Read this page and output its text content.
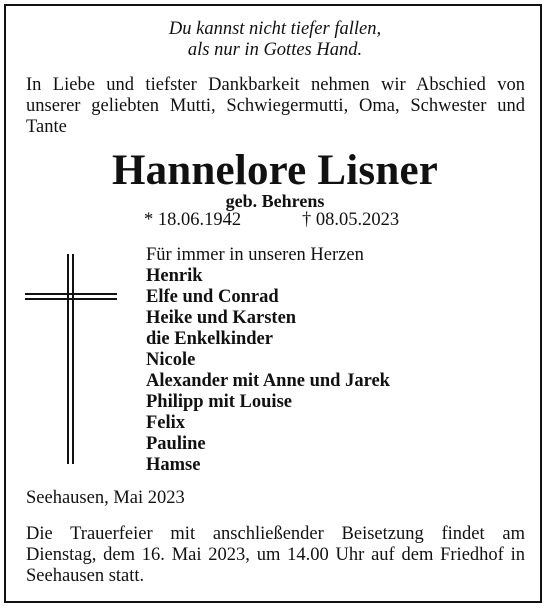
Du kannst nicht tiefer fallen,
als nur in Gottes Hand.
In Liebe und tiefster Dankbarkeit nehmen wir Abschied von
unserer geliebten Mutti, Schwiegermutti, Oma, Schwester und
Tante
Hannelore Lisner
geb. Behrens
* 18.06.1942	† 08.05.2023
Für immer in unseren Herzen
Henrik
Elfe und Conrad
Heike und Karsten
die Enkelkinder
Nicole
Alexander mit Anne und Jarek
Philipp mit Louise
Felix
Pauline
Hamse
Seehausen, Mai 2023
Die Trauerfeier mit anschließender Beisetzung findet am
Dienstag, dem 16. Mai 2023, um 14.00 Uhr auf dem Friedhof in
Seehausen statt.
